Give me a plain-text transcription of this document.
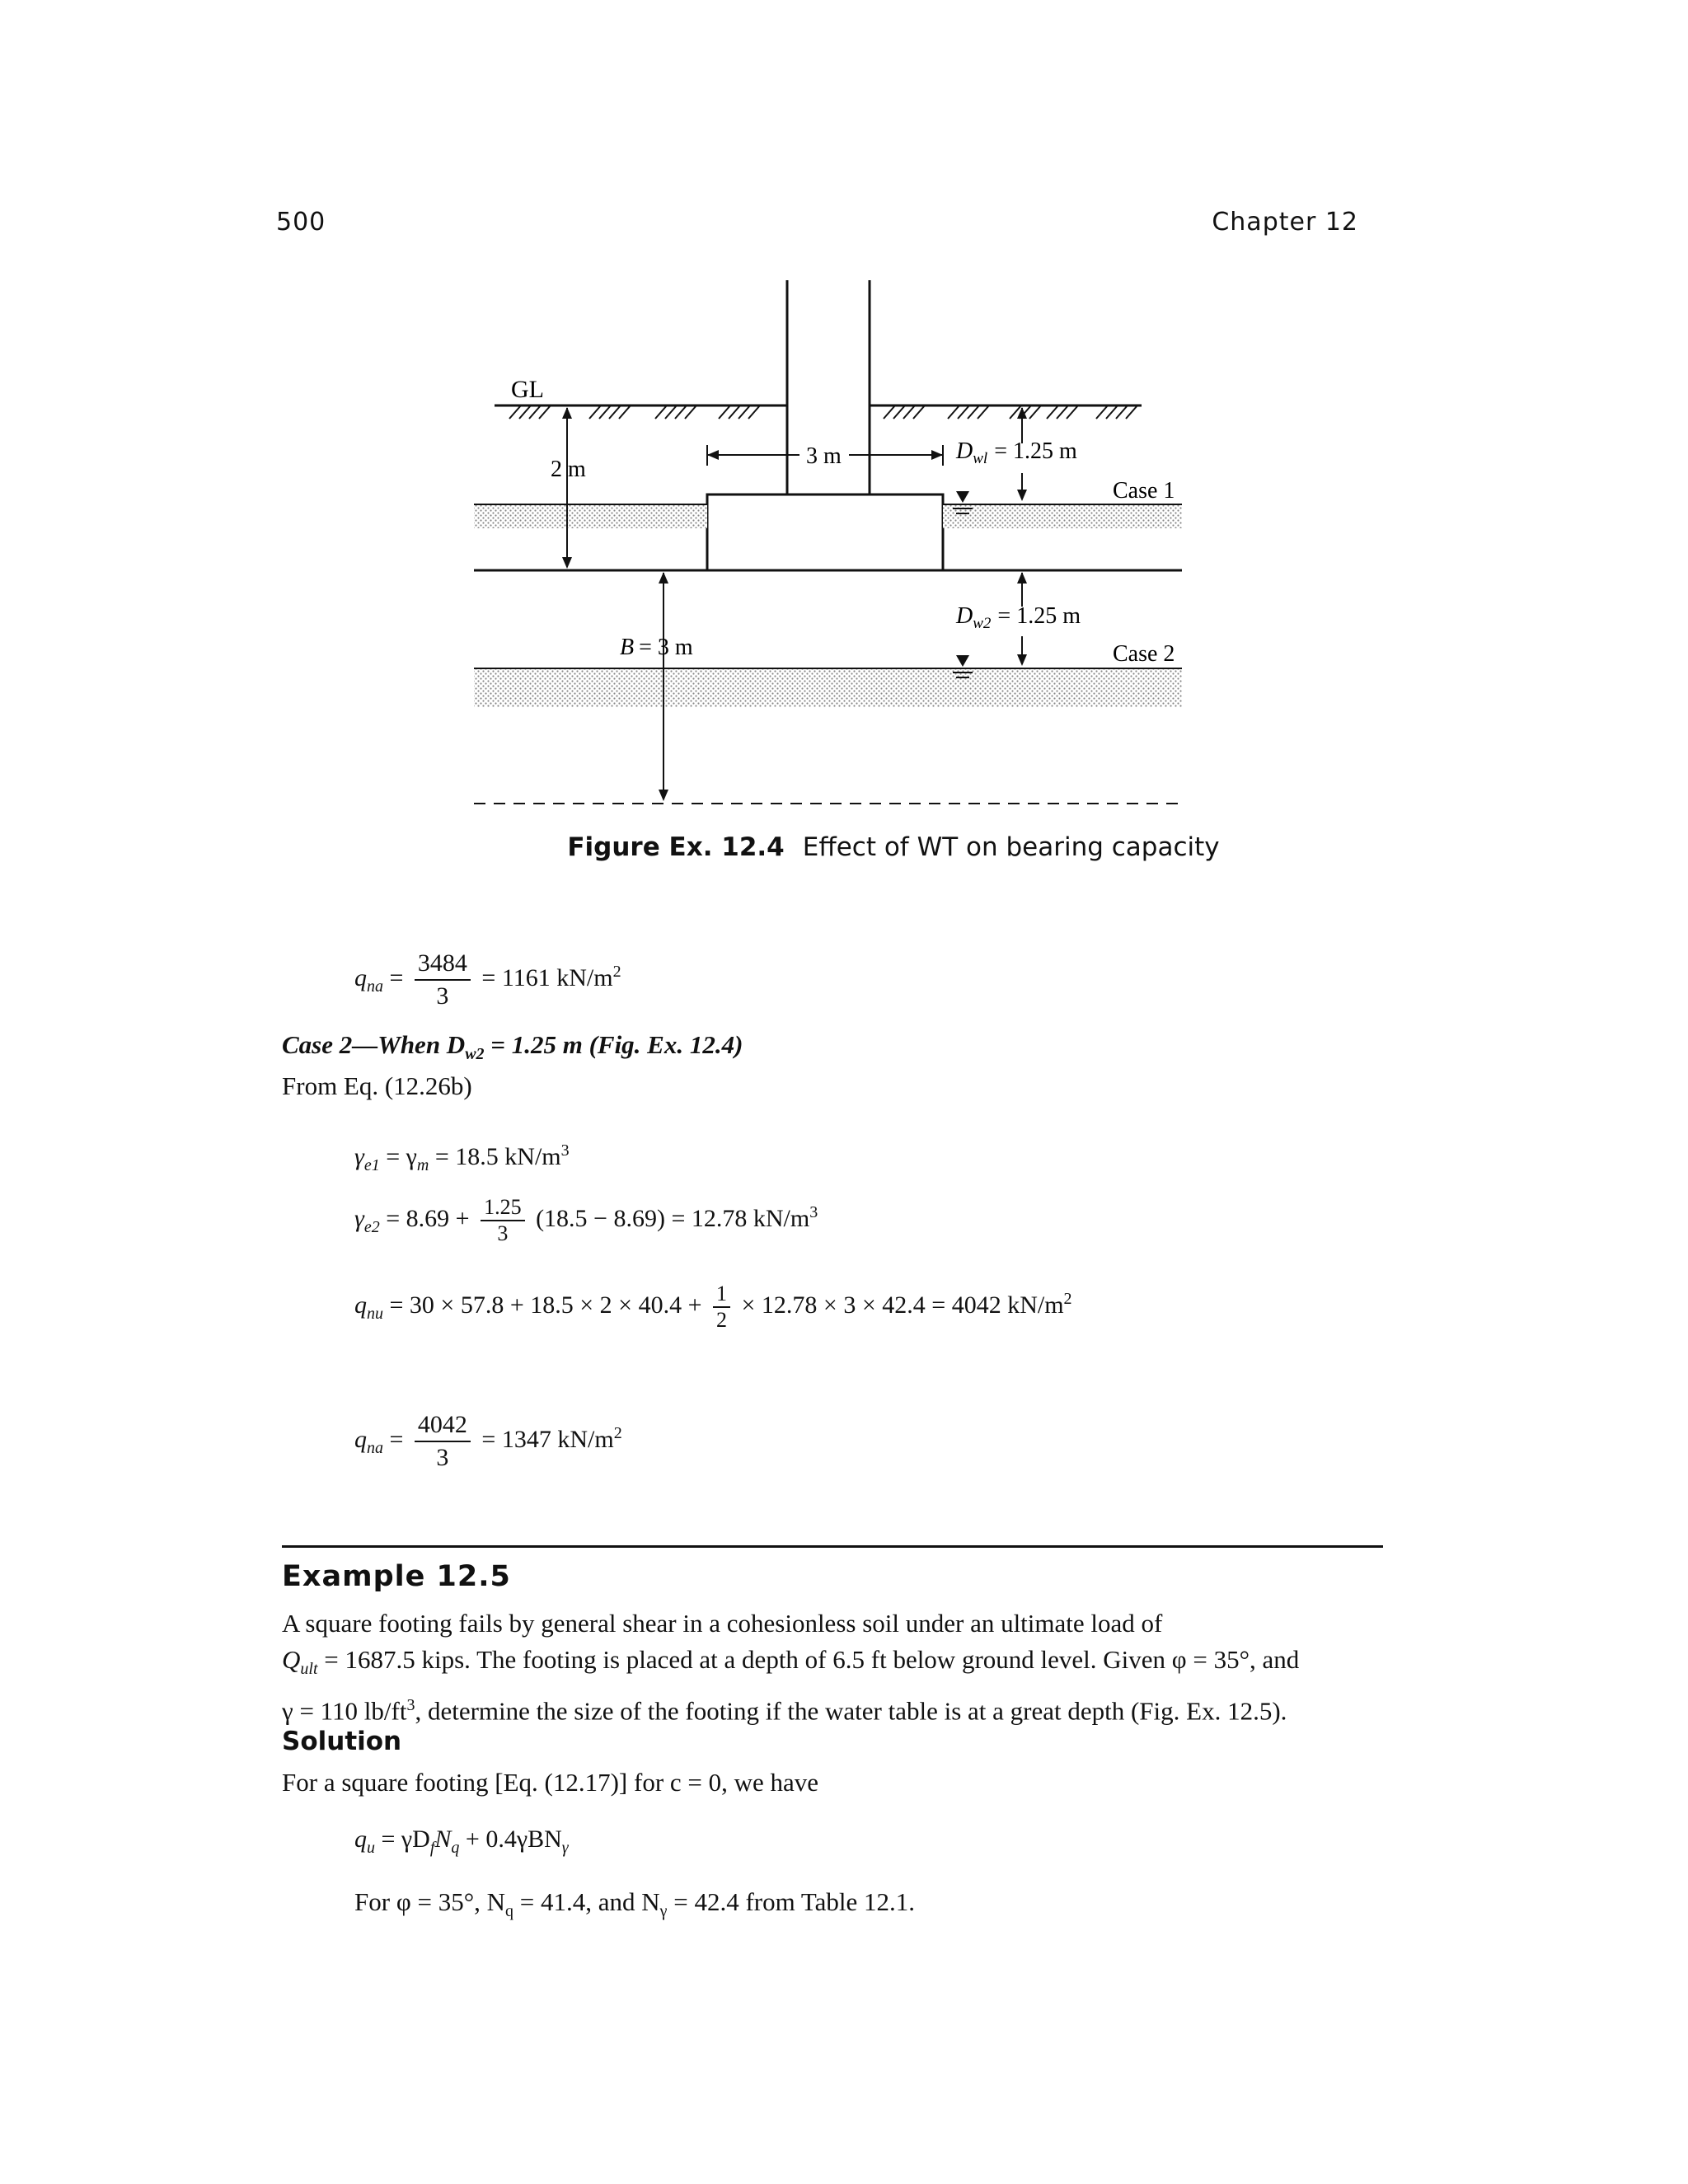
500	Chapter 12
GL
2 m
3 m	$D_{wl} = 1.25$ m
Case 1
$D_{w2} = 1.25$ m
Case 2
B = 3 m
Figure Ex. 12.4 Effect of WT on bearing capacity
$q_{na} = \frac{3484}{3} = 1161$ $kN/m^2$
Case 2—When $D_{w2} = 1.25$ m (Fig. Ex. 12.4)
From Eq. (12.26b)
$\gamma_{e1} = \gamma_m = 18.5$ $kN/m^3$
$\gamma_{e2} = 8.69 + \frac{1.25}{3} (18.5 - 8.69) = 12.78$ $kN/m^3$
$q_{nu} = 30 \times 57.8 + 18.5 \times 2 \times 40.4 + \frac{1}{2} \times 12.78 \times 3 \times 42.4 = 4042$ $kN/m^2$
$q_{na} = \frac{4042}{3} = 1347$ $kN/m^2$
Example 12.5
A square footing fails by general shear in a cohesionless soil under an ultimate load of
$Q_{ult} = 1687.5$ kips. The footing is placed at a depth of 6.5 ft below ground level. Given φ = 35°, and
γ = 110 $lb/ft^3$, determine the size of the footing if the water table is at a great depth (Fig. Ex. 12.5).
Solution
For a square footing [Eq. (12.17)] for c = 0, we have
$q_u = \gamma D_fN_q + 0.4\gamma BN_\gamma$
For φ = 35°, $N_q = 41.4$, and $N_\gamma = 42.4$ from Table 12.1.
